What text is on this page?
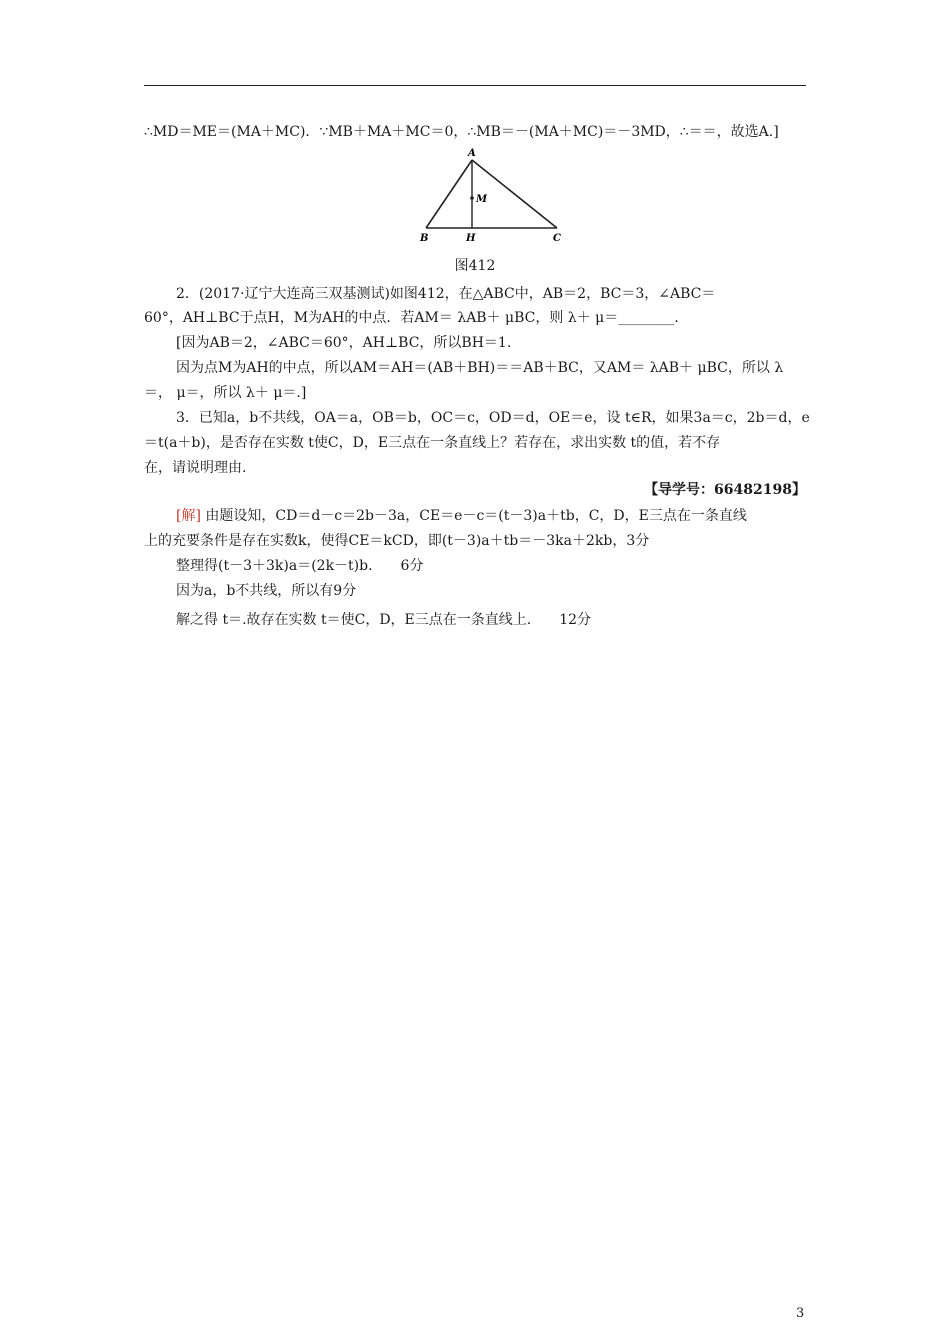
∴MD＝ME＝(MA＋MC)．∵MB＋MA＋MC＝0，∴MB＝－(MA＋MC)＝－3MD，∴＝＝，故选A.]
A
M
B	H	C
图412
2．(2017·辽宁大连高三双基测试)如图412，在△ABC中，AB＝2，BC＝3，∠ABC＝
60°，AH⊥BC于点H，M为AH的中点．若AM＝ λAB＋ μBC，则 λ＋ μ＝________.
[因为AB＝2，∠ABC＝60°，AH⊥BC，所以BH＝1.
因为点M为AH的中点，所以AM＝AH＝(AB＋BH)＝＝AB＋BC，又AM＝ λAB＋ μBC，所以 λ
＝， μ＝，所以 λ＋ μ＝.]
3．已知a，b不共线，OA＝a，OB＝b，OC＝c，OD＝d，OE＝e，设 t∈R，如果3a＝c，2b＝d，e
＝t(a＋b)，是否存在实数 t使C，D，E三点在一条直线上？若存在，求出实数 t的值，若不存
在，请说明理由.
【导学号：66482198】
[解] 由题设知，CD＝d－c＝2b－3a，CE＝e－c＝(t－3)a＋tb，C，D，E三点在一条直线
上的充要条件是存在实数k，使得CE＝kCD，即(t－3)a＋tb＝－3ka＋2kb，3分
整理得(t－3＋3k)a＝(2k－t)b.　　6分
因为a，b不共线，所以有9分
解之得 t＝.故存在实数 t＝使C，D，E三点在一条直线上.　　12分
3
